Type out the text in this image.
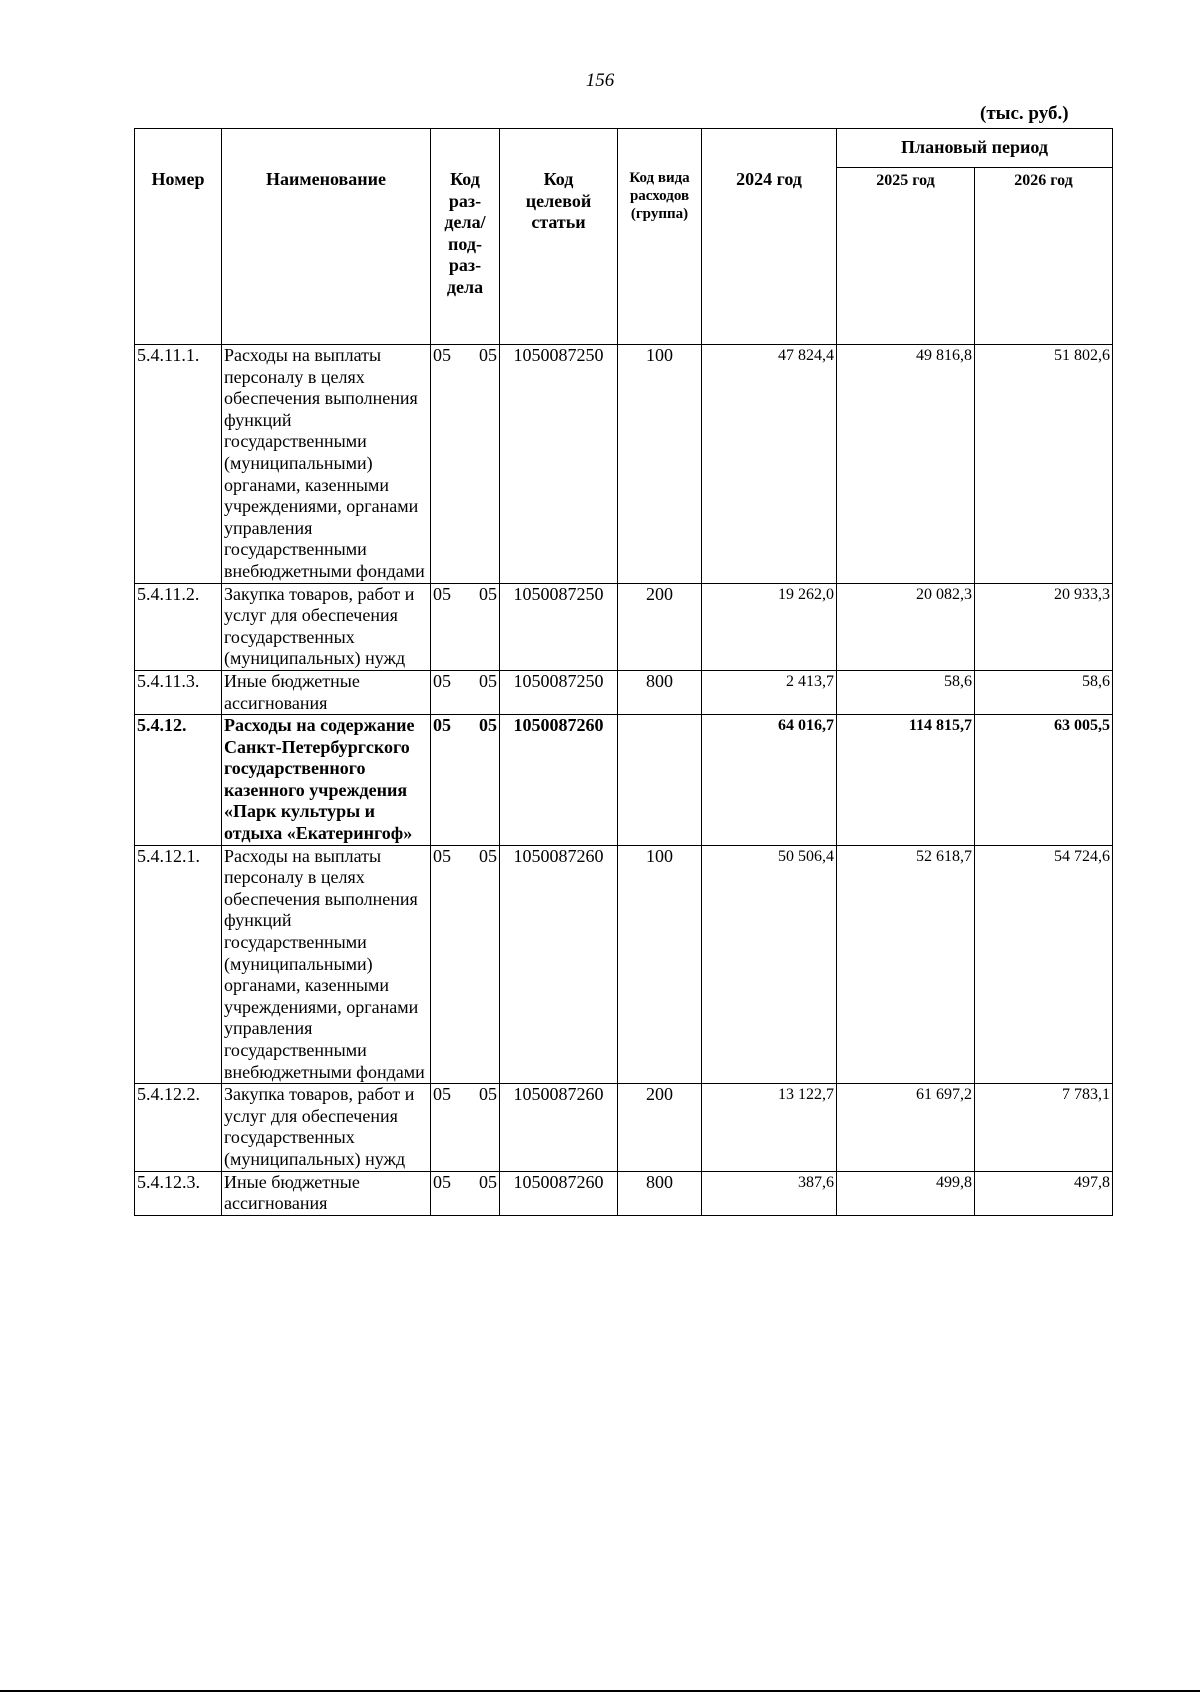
156
(тыс. руб.)
Номер	Наименование	Код раз-дела/ под-раз-дела	Код целевой статьи	Код вида расходов (группа)	2024 год	Плановый период	
						2025 год	2026 год
5.4.11.1.	Расходы на выплаты персоналу в целях обеспечения выполнения функций государственными (муниципальными) органами, казенными учреждениями, органами управления государственными внебюджетными фондами	05 05	1050087250	100	47 824,4	49 816,8	51 802,6
5.4.11.2.	Закупка товаров, работ и услуг для обеспечения государственных (муниципальных) нужд	05 05	1050087250	200	19 262,0	20 082,3	20 933,3
5.4.11.3.	Иные бюджетные ассигнования	05 05	1050087250	800	2 413,7	58,6	58,6
5.4.12.	Расходы на содержание Санкт-Петербургского государственного казенного учреждения «Парк культуры и отдыха «Екатерингоф»	05 05	1050087260		64 016,7	114 815,7	63 005,5
5.4.12.1.	Расходы на выплаты персоналу в целях обеспечения выполнения функций государственными (муниципальными) органами, казенными учреждениями, органами управления государственными внебюджетными фондами	05 05	1050087260	100	50 506,4	52 618,7	54 724,6
5.4.12.2.	Закупка товаров, работ и услуг для обеспечения государственных (муниципальных) нужд	05 05	1050087260	200	13 122,7	61 697,2	7 783,1
5.4.12.3.	Иные бюджетные ассигнования	05 05	1050087260	800	387,6	499,8	497,8
